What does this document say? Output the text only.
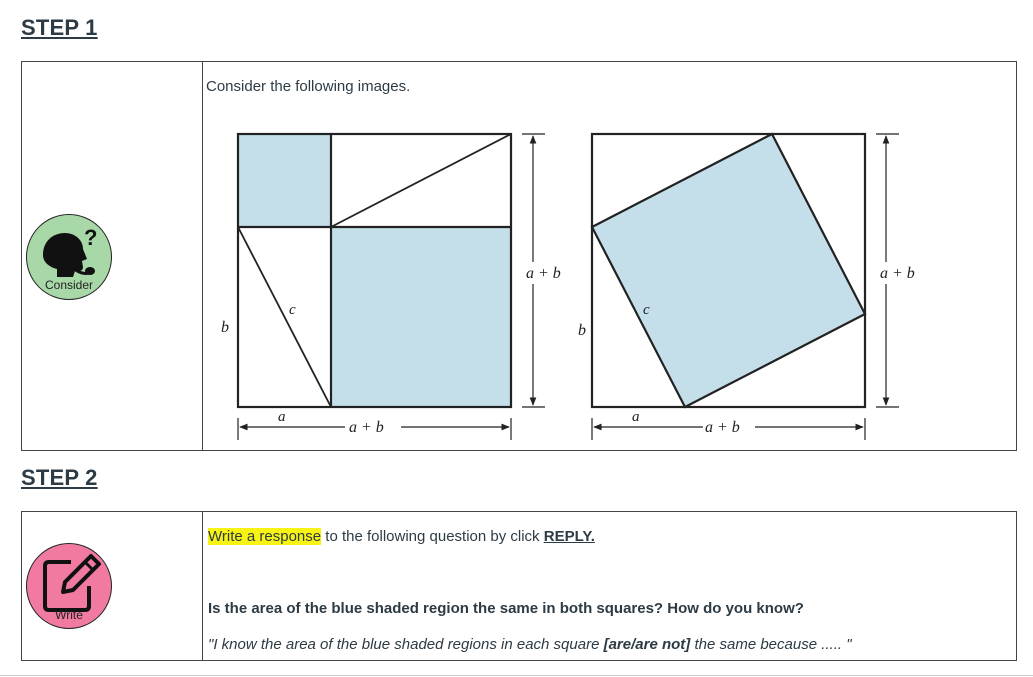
STEP 1
?
Consider

Consider the following images.
b
c
a
a + b
a + b
b
c
a
a + b
a + b
STEP 2
Write

Write a response to the following question by click REPLY.
Is the area of the blue shaded region the same in both squares? How do you know?
"I know the area of the blue shaded regions in each square [are/are not] the same because ..... "
